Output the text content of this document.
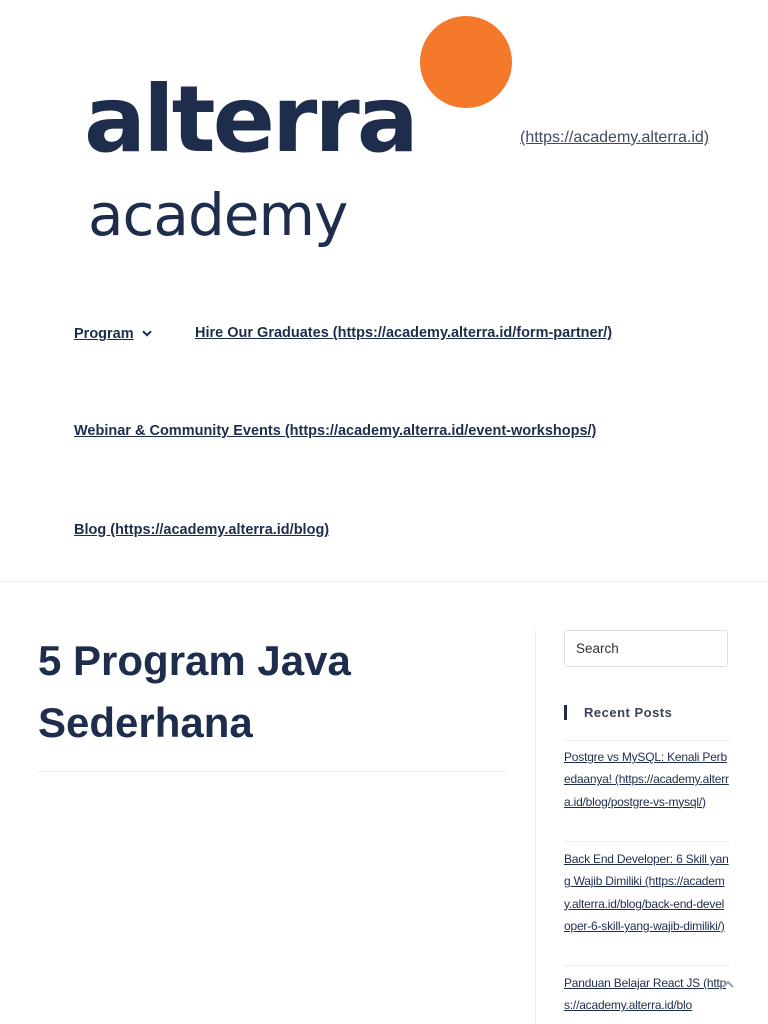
alterra
academy
(https://academy.alterra.id)
Program	Hire Our Graduates (https://academy.alterra.id/form-partner/)
Webinar & Community Events (https://academy.alterra.id/event-workshops/)
Blog (https://academy.alterra.id/blog)
5 Program Java Sederhana
Search	Recent Posts
Postgre vs MySQL: Kenali Perbedaanya! (https://academy.alterra.id/blog/postgre-vs-mysql/)
Back End Developer: 6 Skill yang Wajib Dimiliki (https://academy.alterra.id/blog/back-end-developer-6-skill-yang-wajib-dimiliki/)
Panduan Belajar React JS (https://academy.alterra.id/blo
